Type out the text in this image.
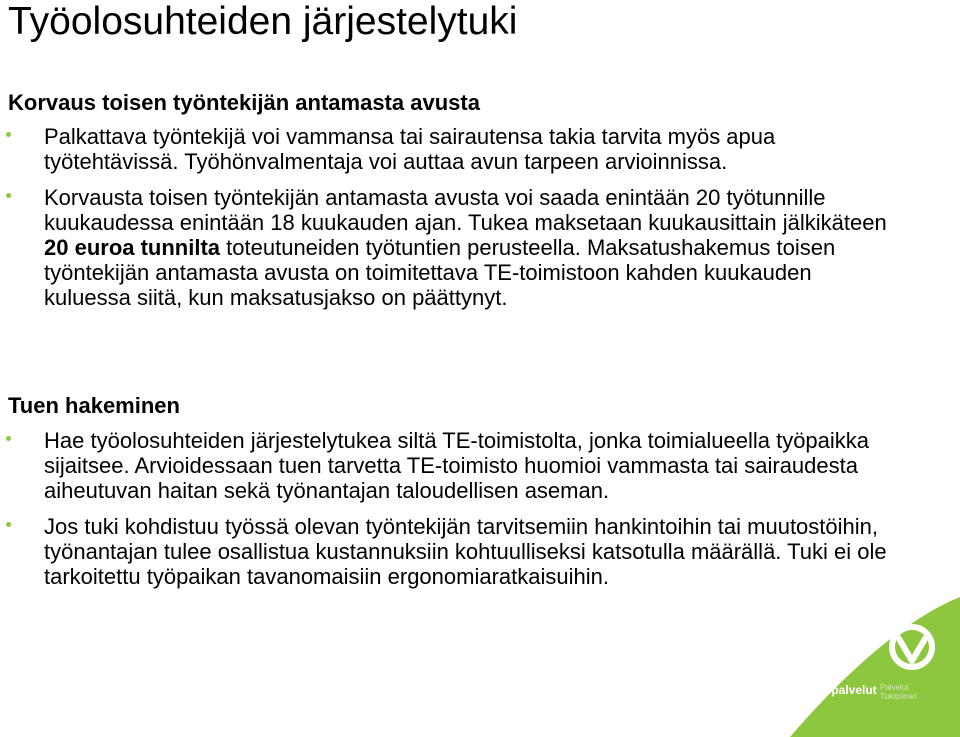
Työolosuhteiden järjestelytuki
Korvaus toisen työntekijän antamasta avusta
Palkattava työntekijä voi vammansa tai sairautensa takia tarvita myös apua työtehtävissä. Työhönvalmentaja voi auttaa avun tarpeen arvioinnissa.
Korvausta toisen työntekijän antamasta avusta voi saada enintään 20 työtunnille kuukaudessa enintään 18 kuukauden ajan. Tukea maksetaan kuukausittain jälkikäteen 20 euroa tunnilta toteutuneiden työtuntien perusteella. Maksatushakemus toisen työntekijän antamasta avusta on toimitettava TE-toimistoon kahden kuukauden kuluessa siitä, kun maksatusjakso on päättynyt.
Tuen hakeminen
Hae työolosuhteiden järjestelytukea siltä TE-toimistolta, jonka toimialueella työpaikka sijaitsee. Arvioidessaan tuen tarvetta TE-toimisto huomioi vammasta tai sairaudesta aiheutuvan haitan sekä työnantajan taloudellisen aseman.
Jos tuki kohdistuu työssä olevan työntekijän tarvitsemiin hankintoihin tai muutostöihin, työnantajan tulee osallistua kustannuksiin kohtuulliseksi katsotulla määrällä. Tuki ei ole tarkoitettu työpaikan tavanomaisiin ergonomiaratkaisuihin.
TE-palvelut Palvelut Tukitoimet
